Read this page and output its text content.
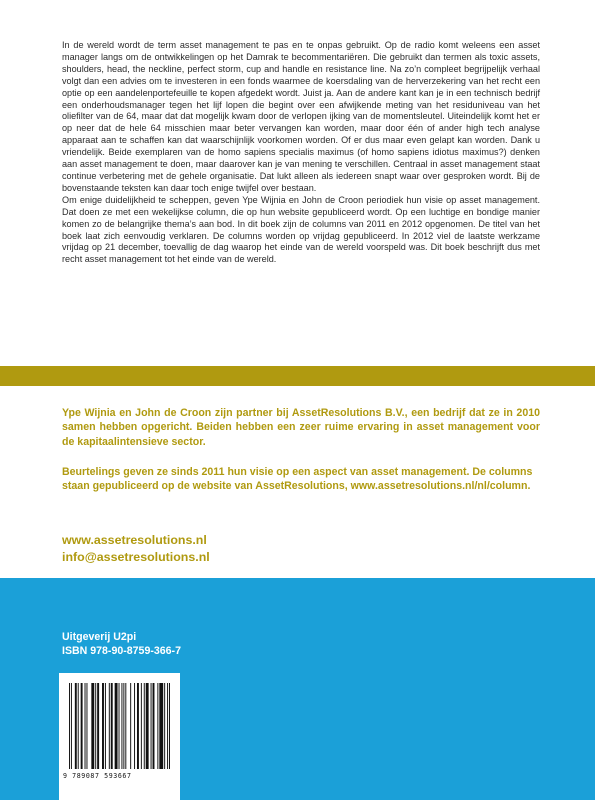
In de wereld wordt de term asset management te pas en te onpas gebruikt. Op de radio komt weleens een asset manager langs om de ontwikkelingen op het Damrak te becommentariëren. Die gebruikt dan termen als toxic assets, shoulders, head, the neckline, perfect storm, cup and handle en resistance line. Na zo’n compleet begrijpelijk verhaal volgt dan een advies om te investeren in een fonds waarmee de koersdaling van de herverzekering van het recht een optie op een aandelenportefeuille te kopen afgedekt wordt. Juist ja. Aan de andere kant kan je in een technisch bedrijf een onderhoudsmanager tegen het lijf lopen die begint over een afwijkende meting van het residuniveau van het oliefilter van de 64, maar dat dat mogelijk kwam door de verlopen ijking van de momentsleutel. Uiteindelijk komt het er op neer dat de hele 64 misschien maar beter vervangen kan worden, maar door één of ander high tech analyse apparaat aan te schaffen kan dat waarschijnlijk voorkomen worden. Of er dus maar even gelapt kan worden. Dank u vriendelijk. Beide exemplaren van de homo sapiens specialis maximus (of homo sapiens idiotus maximus?) denken aan asset management te doen, maar daarover kan je van mening te verschillen. Centraal in asset management staat continue verbetering met de gehele organisatie. Dat lukt alleen als iedereen snapt waar over gesproken wordt. Bij de bovenstaande teksten kan daar toch enige twijfel over bestaan.

Om enige duidelijkheid te scheppen, geven Ype Wijnia en John de Croon periodiek hun visie op asset management. Dat doen ze met een wekelijkse column, die op hun website gepubliceerd wordt. Op een luchtige en bondige manier komen zo de belangrijke thema’s aan bod. In dit boek zijn de columns van 2011 en 2012 opgenomen. De titel van het boek laat zich eenvoudig verklaren. De columns worden op vrijdag gepubliceerd. In 2012 viel de laatste werkzame vrijdag op 21 december, toevallig de dag waarop het einde van de wereld voorspeld was. Dit boek beschrijft dus met recht asset management tot het einde van de wereld.

Ype Wijnia en John de Croon zijn partner bij AssetResolutions B.V., een bedrijf dat ze in 2010 samen hebben opgericht. Beiden hebben een zeer ruime ervaring in asset management voor de kapitaalintensieve sector.

Beurtelings geven ze sinds 2011 hun visie op een aspect van asset management. De columns staan gepubliceerd op de website van AssetResolutions, www.assetresolutions.nl/nl/column.

www.assetresolutions.nl
info@assetresolutions.nl
Uitgeverij U2pi
ISBN 978-90-8759-366-7
9 789087 593667
